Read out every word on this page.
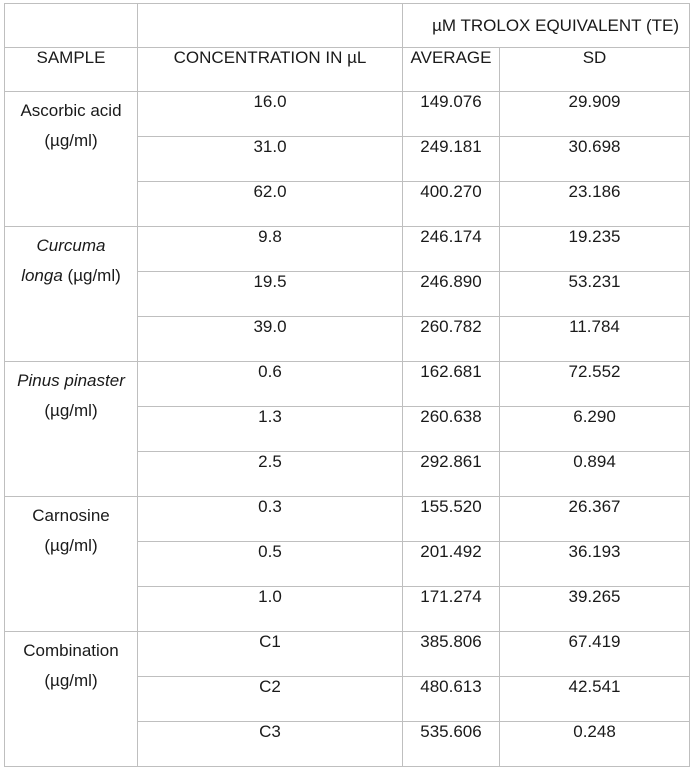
		µM TROLOX EQUIVALENT (TE)	
SAMPLE	CONCENTRATION IN µL	AVERAGE	SD

Ascorbic acid
(µg/ml)	16.0	149.076	29.909
	31.0	249.181	30.698
	62.0	400.270	23.186

Curcuma
longa (µg/ml)	9.8	246.174	19.235
	19.5	246.890	53.231
	39.0	260.782	11.784

Pinus pinaster
(µg/ml)	0.6	162.681	72.552
	1.3	260.638	6.290
	2.5	292.861	0.894

Carnosine
(µg/ml)	0.3	155.520	26.367
	0.5	201.492	36.193
	1.0	171.274	39.265

Combination
(µg/ml)	C1	385.806	67.419
	C2	480.613	42.541
	C3	535.606	0.248
